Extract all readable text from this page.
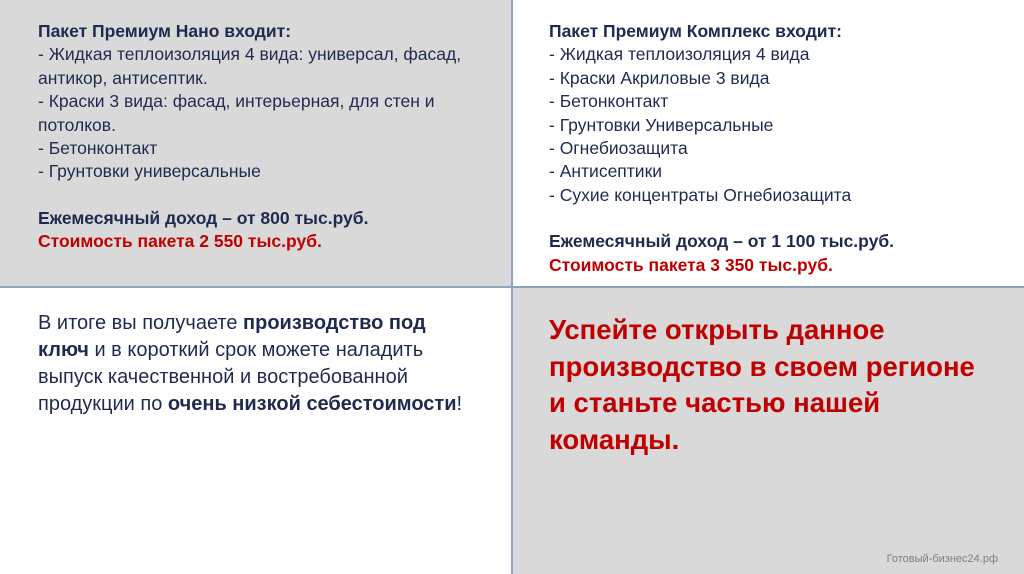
Пакет Премиум Нано входит:
- Жидкая теплоизоляция 4 вида: универсал, фасад, антикор, антисептик.
- Краски 3 вида: фасад, интерьерная, для стен и потолков.
- Бетонконтакт
- Грунтовки универсальные
Ежемесячный доход – от 800 тыс.руб.
Стоимость пакета 2 550 тыс.руб.
Пакет Премиум Комплекс входит:
- Жидкая теплоизоляция 4 вида
- Краски Акриловые 3 вида
- Бетонконтакт
- Грунтовки Универсальные
- Огнебиозащита
- Антисептики
- Сухие концентраты Огнебиозащита
Ежемесячный доход – от 1 100 тыс.руб.
Стоимость пакета 3 350 тыс.руб.
В итоге вы получаете производство под ключ и в короткий срок можете наладить выпуск качественной и востребованной продукции по очень низкой себестоимости!
Успейте открыть данное производство в своем регионе и станьте частью нашей команды.
Готовый-бизнес24.рф
